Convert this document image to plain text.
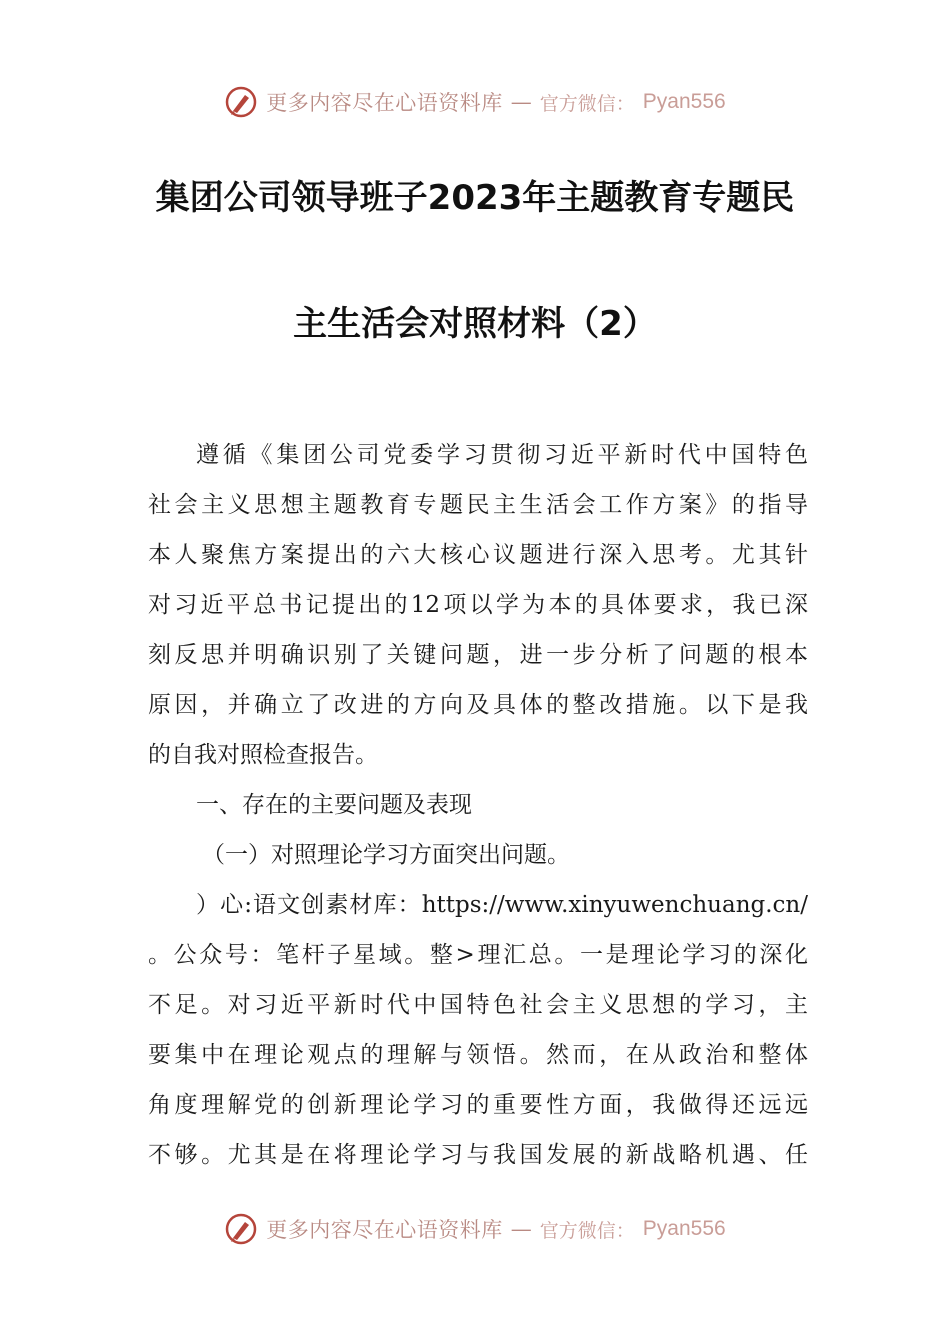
更多内容尽在心语资料库 — 官方微信： Pyan556
集团公司领导班子2023年主题教育专题民
主生活会对照材料（2）
遵循《集团公司党委学习贯彻习近平新时代中国特色
社会主义思想主题教育专题民主生活会工作方案》的指导
本人聚焦方案提出的六大核心议题进行深入思考。尤其针
对习近平总书记提出的12项以学为本的具体要求，我已深
刻反思并明确识别了关键问题，进一步分析了问题的根本
原因，并确立了改进的方向及具体的整改措施。以下是我
的自我对照检查报告。
一、存在的主要问题及表现
（一）对照理论学习方面突出问题。
）心:语文创素材库：https://www.xinyuwenchuang.cn/
。公众号：笔杆子星域。整>理汇总。一是理论学习的深化
不足。对习近平新时代中国特色社会主义思想的学习，主
要集中在理论观点的理解与领悟。然而，在从政治和整体
角度理解党的创新理论学习的重要性方面，我做得还远远
不够。尤其是在将理论学习与我国发展的新战略机遇、任
更多内容尽在心语资料库 — 官方微信： Pyan556
